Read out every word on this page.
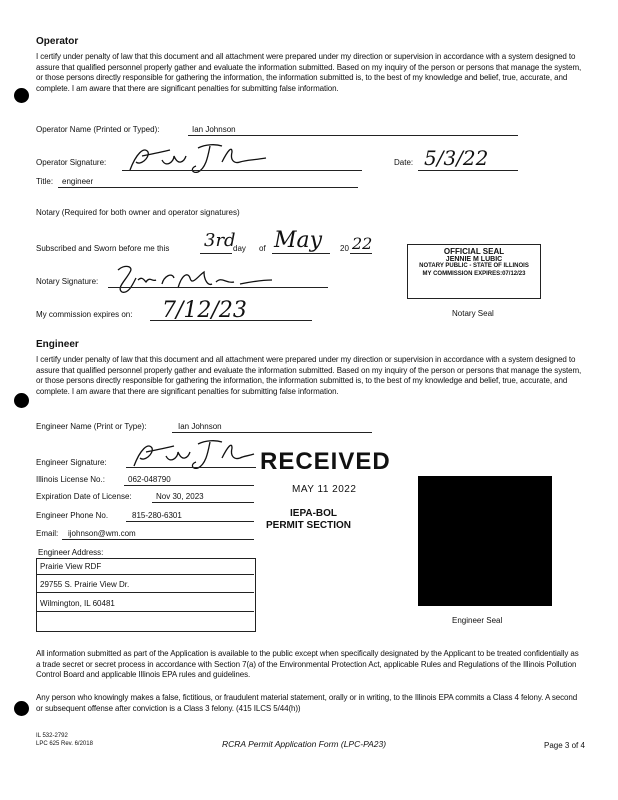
Operator
I certify under penalty of law that this document and all attachment were prepared under my direction or supervision in accordance with a system designed to assure that qualified personnel properly gather and evaluate the information submitted. Based on my inquiry of the person or persons that manage the system, or those persons directly responsible for gathering the information, the information submitted is, to the best of my knowledge and belief, true, accurate, and complete. I am aware that there are significant penalties for submitting false information.
Operator Name (Printed or Typed):	Ian Johnson
Operator Signature:	Date: 5/3/22
Title: engineer
Notary (Required for both owner and operator signatures)
Subscribed and Sworn before me this 3rd
day of May 20 22	OFFICIAL SEAL
JENNIE M LUBIC
NOTARY PUBLIC - STATE OF ILLINOIS
MY COMMISSION EXPIRES:07/12/23
Notary Signature:
My commission expires on: 7/12/23	Notary Seal
Engineer
I certify under penalty of law that this document and all attachment were prepared under my direction or supervision in accordance with a system designed to assure that qualified personnel properly gather and evaluate the information submitted. Based on my inquiry of the person or persons that manage the system, or those persons directly responsible for gathering the information, the information submitted is, to the best of my knowledge and belief, true, accurate, and complete. I am aware that there are significant penalties for submitting false information.
Engineer Name (Print or Type):	Ian Johnson
Engineer Signature:	RECEIVED
MAY 11 2022
IEPA-BOL
PERMIT SECTION
Illinois License No.:	062-048790
Expiration Date of License:	Nov 30, 2023
Engineer Phone No.	815-280-6301
Email: ijohnson@wm.com
Engineer Address:
Prairie View RDF
29755 S. Prairie View Dr.
Wilmington, IL 60481
Engineer Seal
All information submitted as part of the Application is available to the public except when specifically designated by the Applicant to be treated confidentially as a trade secret or secret process in accordance with Section 7(a) of the Environmental Protection Act, applicable Rules and Regulations of the Illinois Pollution Control Board and applicable Illinois EPA rules and guidelines.
Any person who knowingly makes a false, fictitious, or fraudulent material statement, orally or in writing, to the Illinois EPA commits a Class 4 felony. A second or subsequent offense after conviction is a Class 3 felony. (415 ILCS 5/44(h))
IL 532-2792
LPC 625 Rev. 6/2018	RCRA Permit Application Form (LPC-PA23)	Page 3 of 4
